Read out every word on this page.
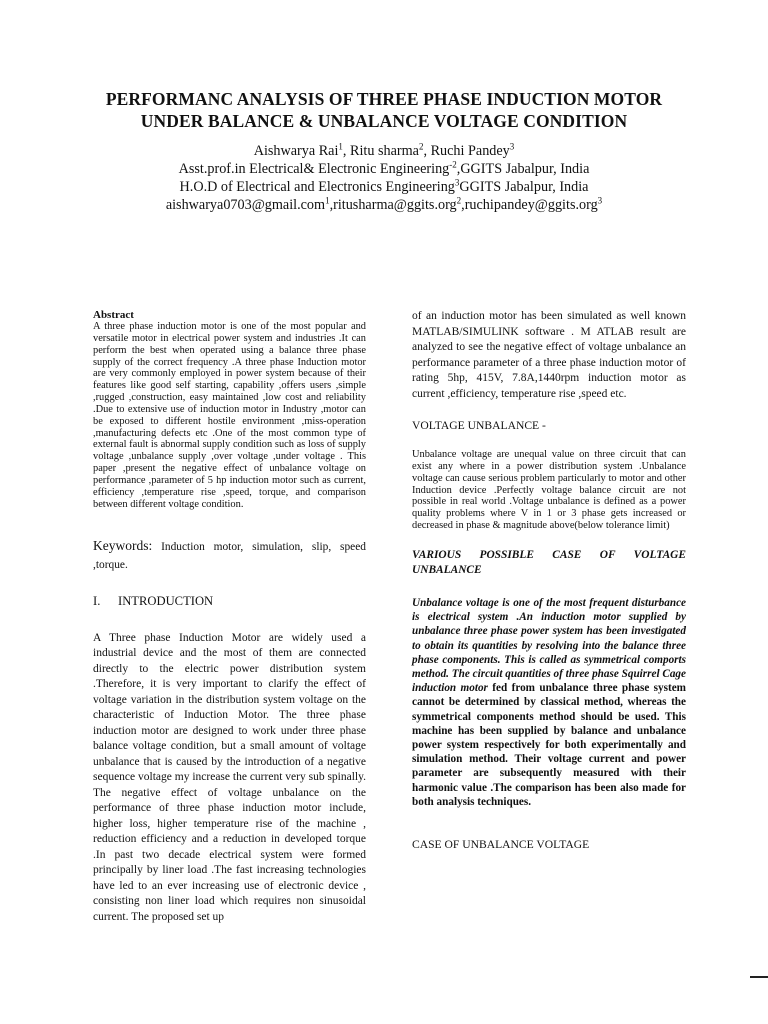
PERFORMANC ANALYSIS OF THREE PHASE INDUCTION MOTOR
UNDER BALANCE & UNBALANCE VOLTAGE CONDITION
Aishwarya Rai$^1$, Ritu sharma$^2$, Ruchi Pandey$^3$
Asst.prof.in Electrical& Electronic Engineering$^{-2}$,GGITS Jabalpur, India
H.O.D of Electrical and Electronics Engineering$^3$GGITS Jabalpur, India
aishwarya0703@gmail.com$^1$,ritusharma@ggits.org$^2$,ruchipandey@ggits.org$^3$
Abstract

A three phase induction motor is one of the most popular and versatile motor in electrical power system and industries .It can perform the best when operated using a balance three phase supply of the correct frequency .A three phase Induction motor are very commonly employed in power system because of their features like good self starting, capability ,offers users ,simple ,rugged ,construction, easy maintained ,low cost and reliability .Due to extensive use of induction motor in Industry ,motor can be exposed to different hostile environment ,miss-operation ,manufacturing defects etc .One of the most common type of external fault is abnormal supply condition such as loss of supply voltage ,unbalance supply ,over voltage ,under voltage . This paper ,present the negative effect of unbalance voltage on performance ,parameter of 5 hp induction motor such as current, efficiency ,temperature rise ,speed, torque, and comparison between different voltage condition.

Keywords: Induction motor, simulation, slip, speed ,torque.

I. INTRODUCTION

A Three phase Induction Motor are widely used a industrial device and the most of them are connected directly to the electric power distribution system .Therefore, it is very important to clarify the effect of voltage variation in the distribution system voltage on the characteristic of Induction Motor. The three phase induction motor are designed to work under three phase balance voltage condition, but a small amount of voltage unbalance that is caused by the introduction of a negative sequence voltage my increase the current very sub spinally. The negative effect of voltage unbalance on the performance of three phase induction motor include, higher loss, higher temperature rise of the machine , reduction efficiency and a reduction in developed torque .In past two decade electrical system were formed principally by liner load .The fast increasing technologies have led to an ever increasing use of electronic device , consisting non liner load which requires non sinusoidal current. The proposed set up

of an induction motor has been simulated as well known MATLAB/SIMULINK software . M ATLAB result are analyzed to see the negative effect of voltage unbalance an performance parameter of a three phase induction motor of rating 5hp, 415V, 7.8A,1440rpm induction motor as current ,efficiency, temperature rise ,speed etc.

VOLTAGE UNBALANCE -

Unbalance voltage are unequal value on three circuit that can exist any where in a power distribution system .Unbalance voltage can cause serious problem particularly to motor and other Induction device .Perfectly voltage balance circuit are not possible in real world .Voltage unbalance is defined as a power quality problems where V in 1 or 3 phase gets increased or decreased in phase & magnitude above(below tolerance limit)

VARIOUS POSSIBLE CASE OF VOLTAGE UNBALANCE

Unbalance voltage is one of the most frequent disturbance is electrical system .An induction motor supplied by unbalance three phase power system has been investigated to obtain its quantities by resolving into the balance three phase components. This is called as symmetrical comports method. The circuit quantities of three phase Squirrel Cage induction motor fed from unbalance three phase system cannot be determined by classical method, whereas the symmetrical components method should be used. This machine has been supplied by balance and unbalance power system respectively for both experimentally and simulation method. Their voltage current and power parameter are subsequently measured with their harmonic value .The comparison has been also made for both analysis techniques.

CASE OF UNBALANCE VOLTAGE
